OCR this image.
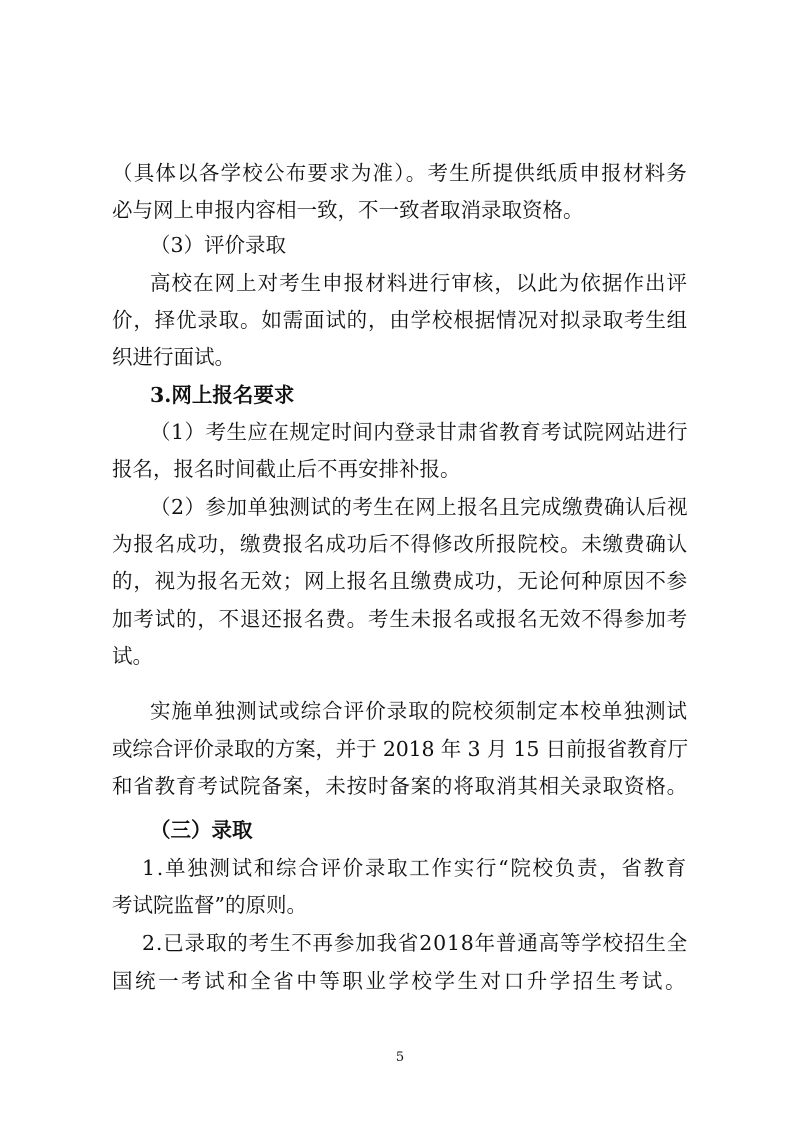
（具体以各学校公布要求为准）。考生所提供纸质申报材料务
必与网上申报内容相一致，不一致者取消录取资格。
（3）评价录取
高校在网上对考生申报材料进行审核，以此为依据作出评
价，择优录取。如需面试的，由学校根据情况对拟录取考生组
织进行面试。
3.网上报名要求
（1）考生应在规定时间内登录甘肃省教育考试院网站进行
报名，报名时间截止后不再安排补报。
（2）参加单独测试的考生在网上报名且完成缴费确认后视
为报名成功，缴费报名成功后不得修改所报院校。未缴费确认
的，视为报名无效；网上报名且缴费成功，无论何种原因不参
加考试的，不退还报名费。考生未报名或报名无效不得参加考
试。
实施单独测试或综合评价录取的院校须制定本校单独测试
或综合评价录取的方案，并于 2018 年 3 月 15 日前报省教育厅
和省教育考试院备案，未按时备案的将取消其相关录取资格。
（三）录取
1.单独测试和综合评价录取工作实行“院校负责，省教育
考试院监督”的原则。
2.已录取的考生不再参加我省2018年普通高等学校招生全
国统一考试和全省中等职业学校学生对口升学招生考试。
5
